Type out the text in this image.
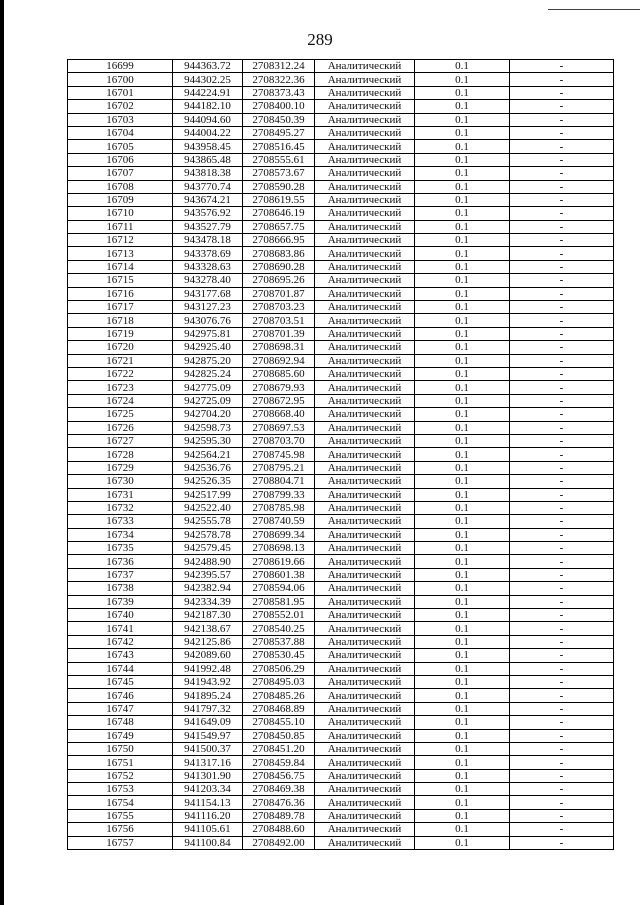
289
16699	944363.72	2708312.24	Аналитический	0.1	-
16700	944302.25	2708322.36	Аналитический	0.1	-
16701	944224.91	2708373.43	Аналитический	0.1	-
16702	944182.10	2708400.10	Аналитический	0.1	-
16703	944094.60	2708450.39	Аналитический	0.1	-
16704	944004.22	2708495.27	Аналитический	0.1	-
16705	943958.45	2708516.45	Аналитический	0.1	-
16706	943865.48	2708555.61	Аналитический	0.1	-
16707	943818.38	2708573.67	Аналитический	0.1	-
16708	943770.74	2708590.28	Аналитический	0.1	-
16709	943674.21	2708619.55	Аналитический	0.1	-
16710	943576.92	2708646.19	Аналитический	0.1	-
16711	943527.79	2708657.75	Аналитический	0.1	-
16712	943478.18	2708666.95	Аналитический	0.1	-
16713	943378.69	2708683.86	Аналитический	0.1	-
16714	943328.63	2708690.28	Аналитический	0.1	-
16715	943278.40	2708695.26	Аналитический	0.1	-
16716	943177.68	2708701.87	Аналитический	0.1	-
16717	943127.23	2708703.23	Аналитический	0.1	-
16718	943076.76	2708703.51	Аналитический	0.1	-
16719	942975.81	2708701.39	Аналитический	0.1	-
16720	942925.40	2708698.31	Аналитический	0.1	-
16721	942875.20	2708692.94	Аналитический	0.1	-
16722	942825.24	2708685.60	Аналитический	0.1	-
16723	942775.09	2708679.93	Аналитический	0.1	-
16724	942725.09	2708672.95	Аналитический	0.1	-
16725	942704.20	2708668.40	Аналитический	0.1	-
16726	942598.73	2708697.53	Аналитический	0.1	-
16727	942595.30	2708703.70	Аналитический	0.1	-
16728	942564.21	2708745.98	Аналитический	0.1	-
16729	942536.76	2708795.21	Аналитический	0.1	-
16730	942526.35	2708804.71	Аналитический	0.1	-
16731	942517.99	2708799.33	Аналитический	0.1	-
16732	942522.40	2708785.98	Аналитический	0.1	-
16733	942555.78	2708740.59	Аналитический	0.1	-
16734	942578.78	2708699.34	Аналитический	0.1	-
16735	942579.45	2708698.13	Аналитический	0.1	-
16736	942488.90	2708619.66	Аналитический	0.1	-
16737	942395.57	2708601.38	Аналитический	0.1	-
16738	942382.94	2708594.06	Аналитический	0.1	-
16739	942334.39	2708581.95	Аналитический	0.1	-
16740	942187.30	2708552.01	Аналитический	0.1	-
16741	942138.67	2708540.25	Аналитический	0.1	-
16742	942125.86	2708537.88	Аналитический	0.1	-
16743	942089.60	2708530.45	Аналитический	0.1	-
16744	941992.48	2708506.29	Аналитический	0.1	-
16745	941943.92	2708495.03	Аналитический	0.1	-
16746	941895.24	2708485.26	Аналитический	0.1	-
16747	941797.32	2708468.89	Аналитический	0.1	-
16748	941649.09	2708455.10	Аналитический	0.1	-
16749	941549.97	2708450.85	Аналитический	0.1	-
16750	941500.37	2708451.20	Аналитический	0.1	-
16751	941317.16	2708459.84	Аналитический	0.1	-
16752	941301.90	2708456.75	Аналитический	0.1	-
16753	941203.34	2708469.38	Аналитический	0.1	-
16754	941154.13	2708476.36	Аналитический	0.1	-
16755	941116.20	2708489.78	Аналитический	0.1	-
16756	941105.61	2708488.60	Аналитический	0.1	-
16757	941100.84	2708492.00	Аналитический	0.1	-
